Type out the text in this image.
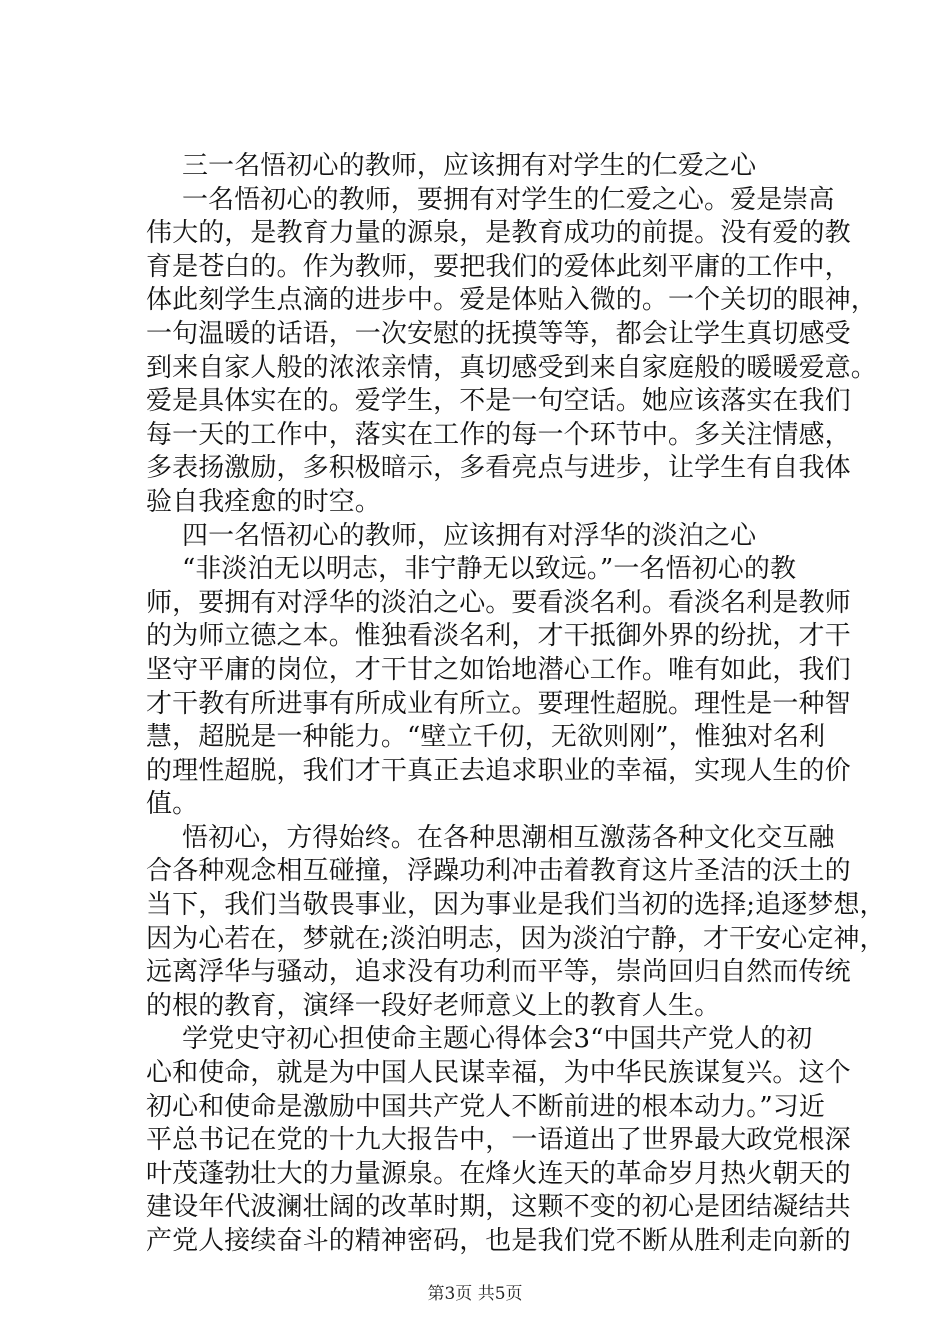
三一名悟初心的教师，应该拥有对学生的仁爱之心
一名悟初心的教师，要拥有对学生的仁爱之心。爱是崇高
伟大的，是教育力量的源泉，是教育成功的前提。没有爱的教
育是苍白的。作为教师，要把我们的爱体此刻平庸的工作中，
体此刻学生点滴的进步中。爱是体贴入微的。一个关切的眼神，
一句温暖的话语，一次安慰的抚摸等等，都会让学生真切感受
到来自家人般的浓浓亲情，真切感受到来自家庭般的暖暖爱意。
爱是具体实在的。爱学生，不是一句空话。她应该落实在我们
每一天的工作中，落实在工作的每一个环节中。多关注情感，
多表扬激励，多积极暗示，多看亮点与进步，让学生有自我体
验自我痊愈的时空。
四一名悟初心的教师，应该拥有对浮华的淡泊之心
“非淡泊无以明志，非宁静无以致远。”一名悟初心的教
师，要拥有对浮华的淡泊之心。要看淡名利。看淡名利是教师
的为师立德之本。惟独看淡名利，才干抵御外界的纷扰，才干
坚守平庸的岗位，才干甘之如饴地潜心工作。唯有如此，我们
才干教有所进事有所成业有所立。要理性超脱。理性是一种智
慧，超脱是一种能力。“壁立千仞，无欲则刚”，惟独对名利
的理性超脱，我们才干真正去追求职业的幸福，实现人生的价
值。
悟初心，方得始终。在各种思潮相互激荡各种文化交互融
合各种观念相互碰撞，浮躁功利冲击着教育这片圣洁的沃土的
当下，我们当敬畏事业，因为事业是我们当初的选择;追逐梦想，
因为心若在，梦就在;淡泊明志，因为淡泊宁静，才干安心定神，
远离浮华与骚动，追求没有功利而平等，崇尚回归自然而传统
的根的教育，演绎一段好老师意义上的教育人生。
学党史守初心担使命主题心得体会3“中国共产党人的初
心和使命，就是为中国人民谋幸福，为中华民族谋复兴。这个
初心和使命是激励中国共产党人不断前进的根本动力。”习近
平总书记在党的十九大报告中，一语道出了世界最大政党根深
叶茂蓬勃壮大的力量源泉。在烽火连天的革命岁月热火朝天的
建设年代波澜壮阔的改革时期，这颗不变的初心是团结凝结共
产党人接续奋斗的精神密码，也是我们党不断从胜利走向新的
第3页 共5页
